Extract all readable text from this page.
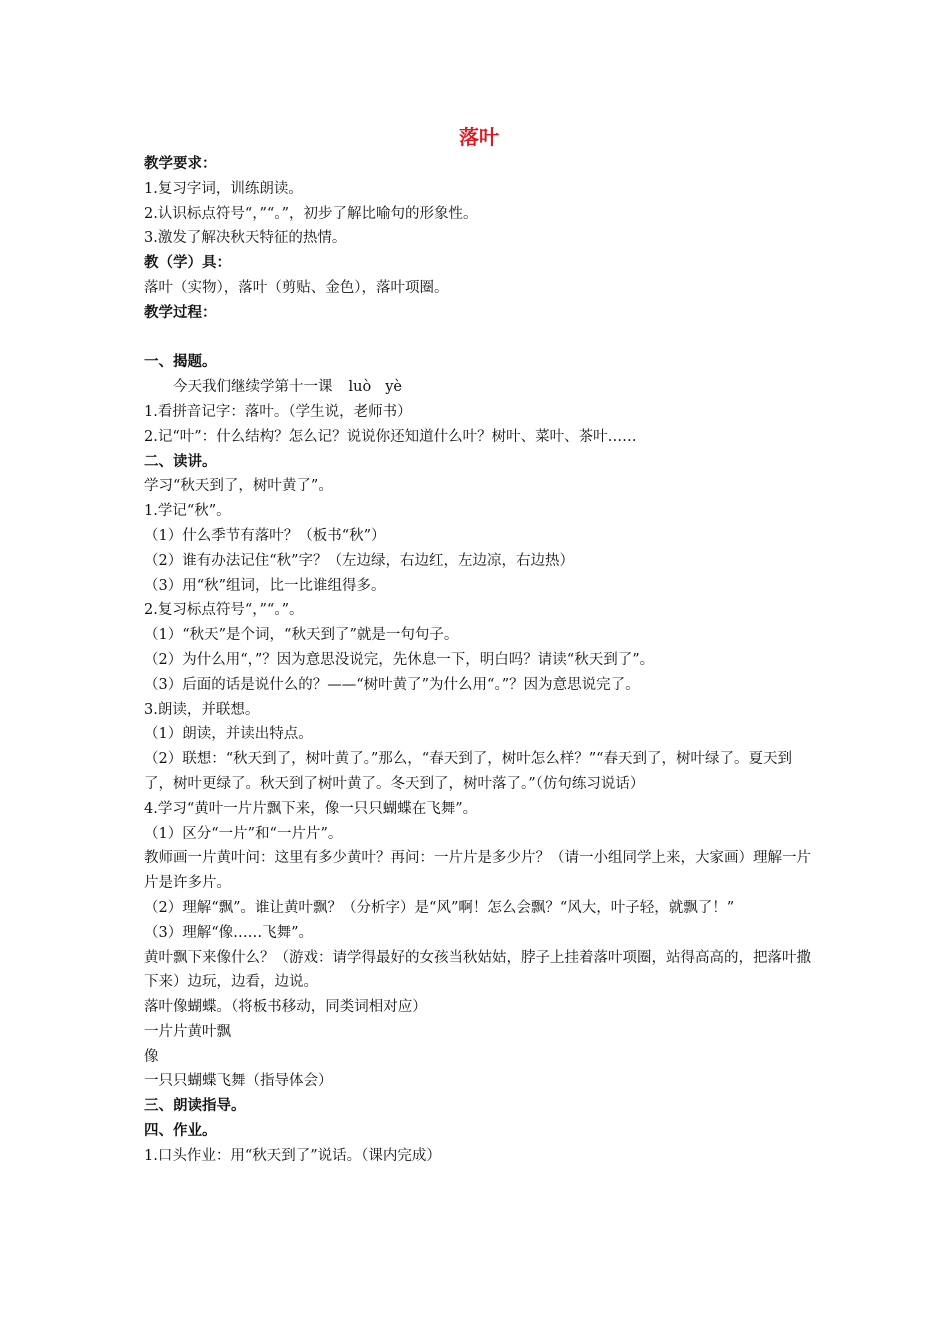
落叶

教学要求：

1.复习字词，训练朗读。

2.认识标点符号“，”“。”，初步了解比喻句的形象性。

3.激发了解决秋天特征的热情。

教（学）具：

落叶（实物），落叶（剪贴、金色），落叶项圈。

教学过程：

一、揭题。

今天我们继续学第十一课 luò yè

1.看拼音记字：落叶。（学生说，老师书）

2.记“叶”：什么结构？怎么记？说说你还知道什么叶？树叶、菜叶、茶叶……

二、读讲。

学习“秋天到了，树叶黄了”。

1.学记“秋”。

（1）什么季节有落叶？（板书“秋”）

（2）谁有办法记住“秋”字？（左边绿，右边红，左边凉，右边热）

（3）用“秋”组词，比一比谁组得多。

2.复习标点符号“，”“。”。

（1）“秋天”是个词，“秋天到了”就是一句句子。

（2）为什么用“，”？因为意思没说完，先休息一下，明白吗？请读“秋天到了”。

（3）后面的话是说什么的？——“树叶黄了”为什么用“。”？因为意思说完了。

3.朗读，并联想。

（1）朗读，并读出特点。

（2）联想：“秋天到了，树叶黄了。”那么，“春天到了，树叶怎么样？”“春天到了，树叶绿了。夏天到了，树叶更绿了。秋天到了树叶黄了。冬天到了，树叶落了。”（仿句练习说话）

4.学习“黄叶一片片飘下来，像一只只蝴蝶在飞舞”。

（1）区分“一片”和“一片片”。

教师画一片黄叶问：这里有多少黄叶？再问：一片片是多少片？（请一小组同学上来，大家画）理解一片片是许多片。

（2）理解“飘”。谁让黄叶飘？（分析字）是“风”啊！怎么会飘？“风大，叶子轻，就飘了！”

（3）理解“像……飞舞”。

黄叶飘下来像什么？（游戏：请学得最好的女孩当秋姑姑，脖子上挂着落叶项圈，站得高高的，把落叶撒下来）边玩，边看，边说。

落叶像蝴蝶。（将板书移动，同类词相对应）

一片片黄叶飘

像

一只只蝴蝶飞舞（指导体会）

三、朗读指导。

四、作业。

1.口头作业：用“秋天到了”说话。（课内完成）
